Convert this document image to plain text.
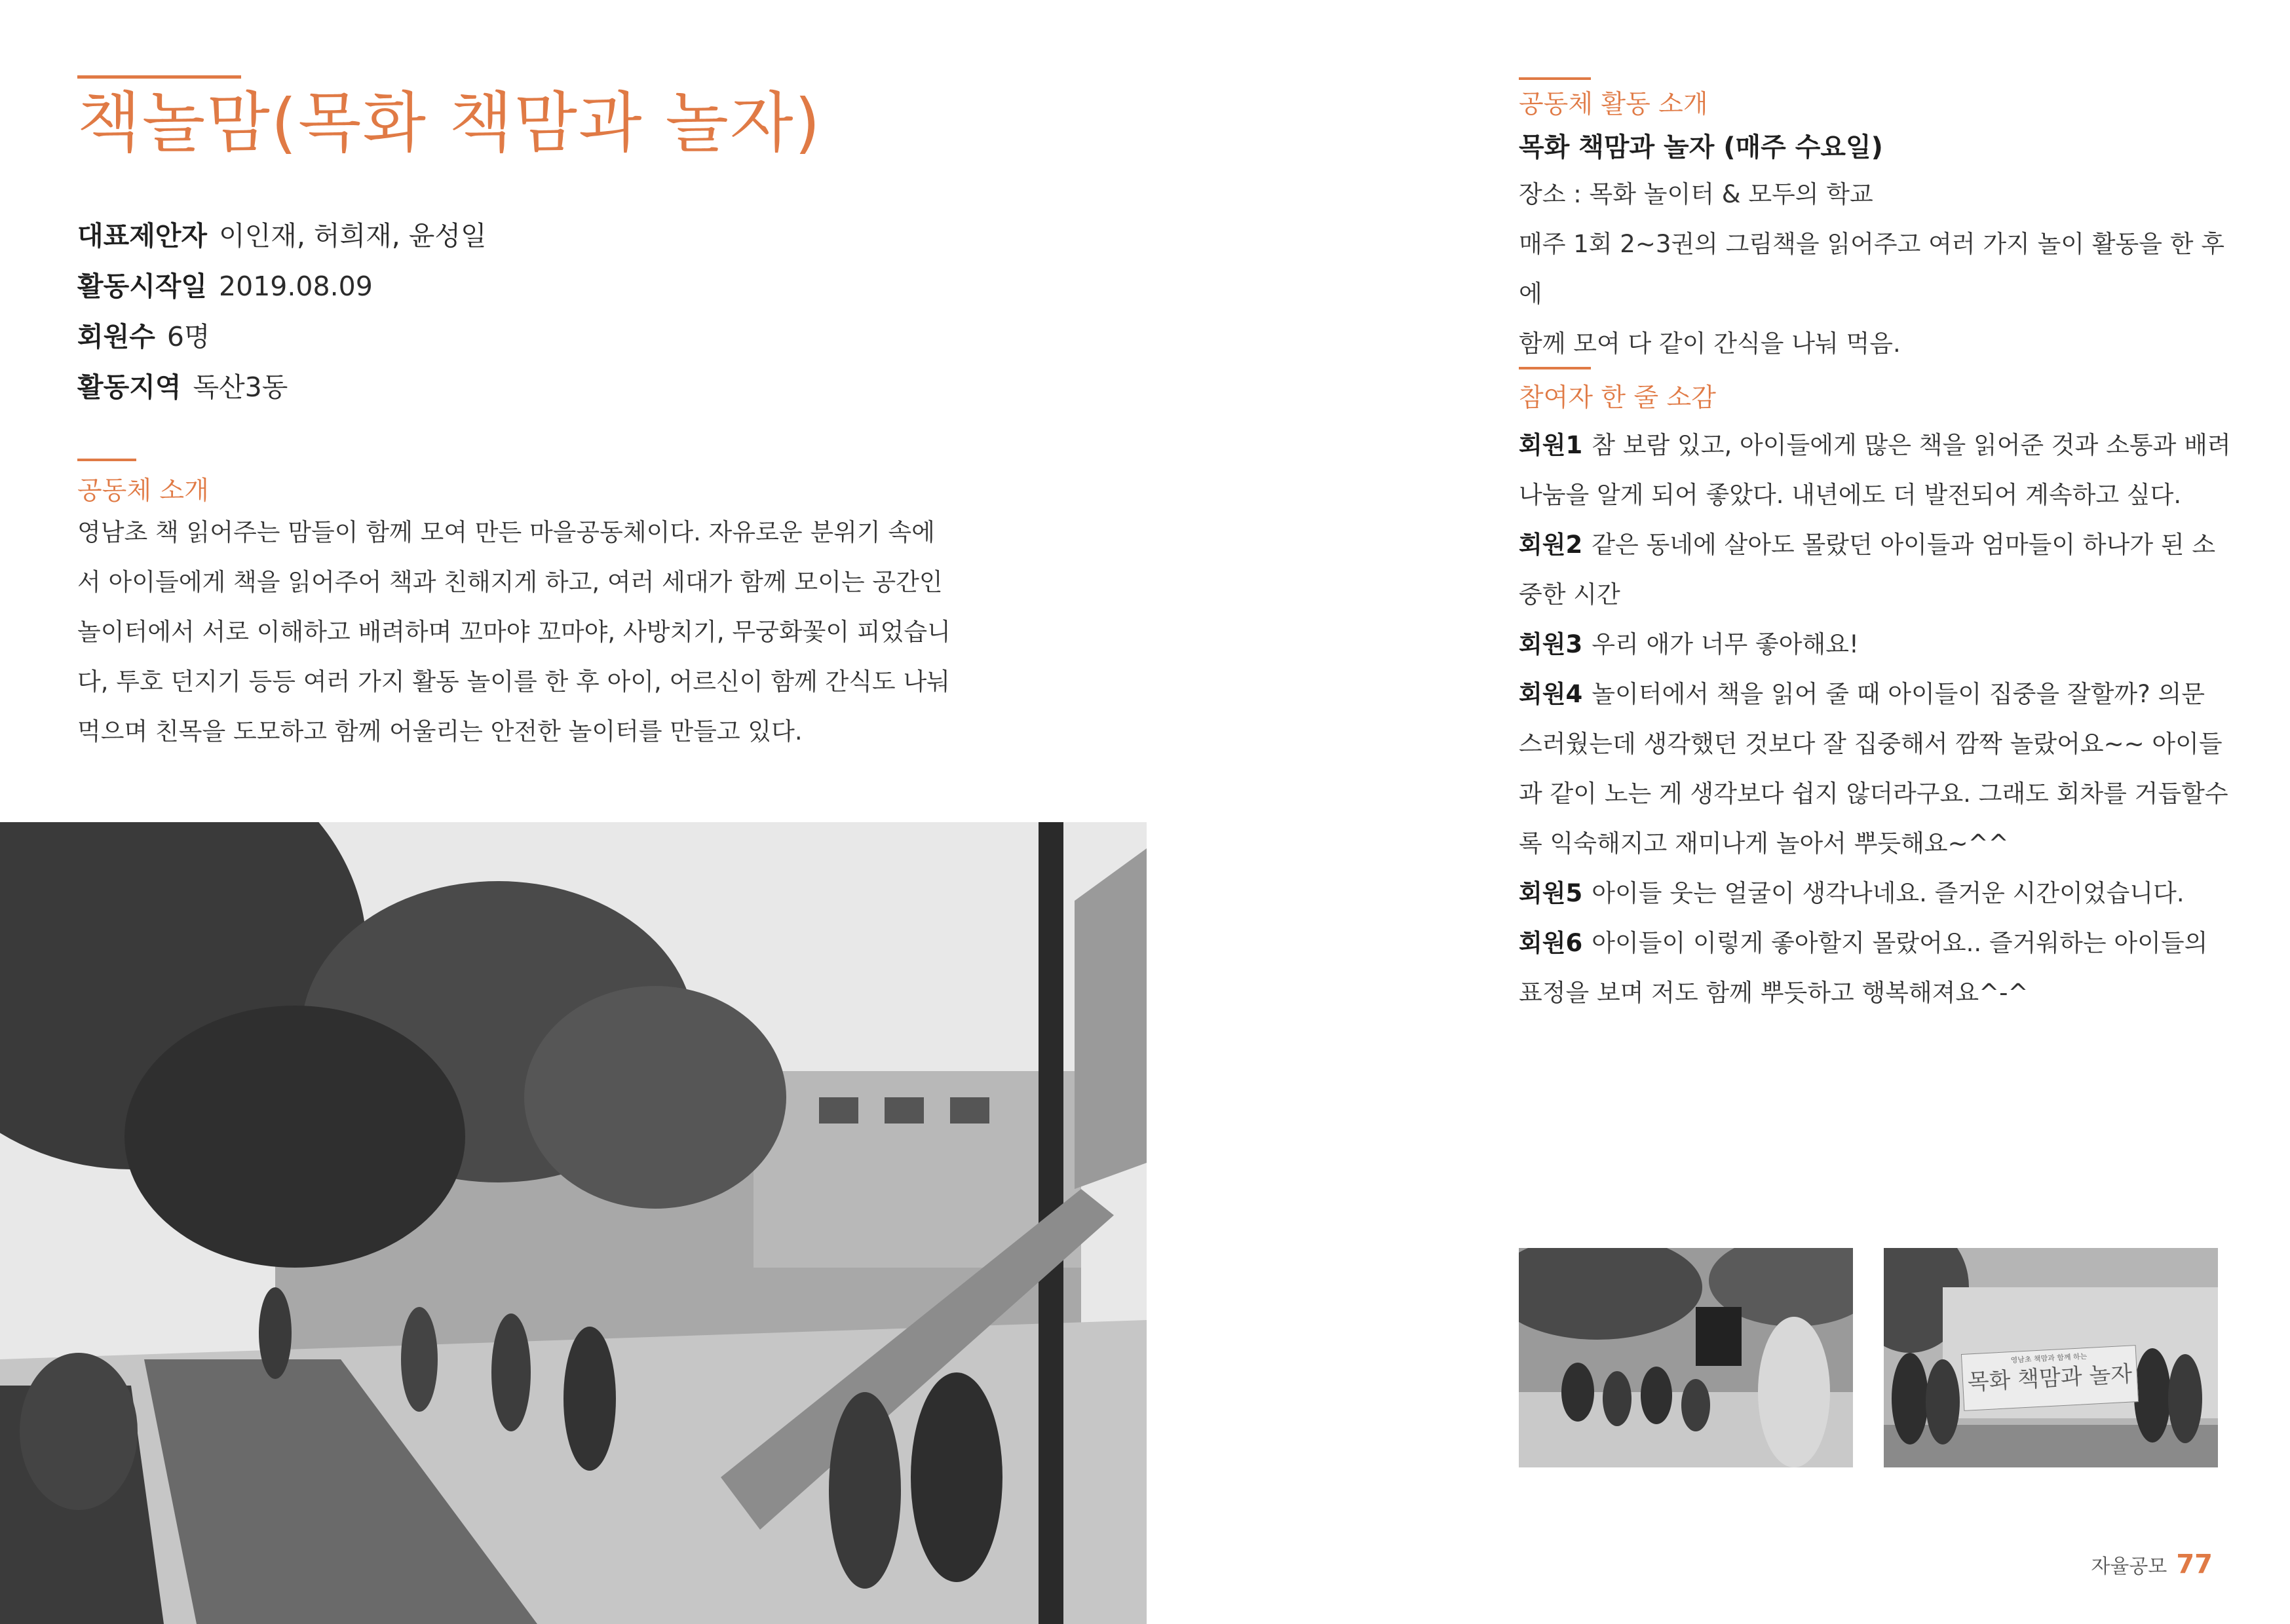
책놀맘(목화 책맘과 놀자)
대표제안자 이인재, 허희재, 윤성일
활동시작일 2019.08.09
회원수 6명
활동지역 독산3동
공동체 소개

영남초 책 읽어주는 맘들이 함께 모여 만든 마을공동체이다. 자유로운 분위기 속에

서 아이들에게 책을 읽어주어 책과 친해지게 하고, 여러 세대가 함께 모이는 공간인

놀이터에서 서로 이해하고 배려하며 꼬마야 꼬마야, 사방치기, 무궁화꽃이 피었습니

다, 투호 던지기 등등 여러 가지 활동 놀이를 한 후 아이, 어르신이 함께 간식도 나눠

먹으며 친목을 도모하고 함께 어울리는 안전한 놀이터를 만들고 있다.

공동체 활동 소개
목화 책맘과 놀자 (매주 수요일)

장소 : 목화 놀이터 & 모두의 학교

매주 1회 2~3권의 그림책을 읽어주고 여러 가지 놀이 활동을 한 후에

함께 모여 다 같이 간식을 나눠 먹음.

참여자 한 줄 소감

회원1 참 보람 있고, 아이들에게 많은 책을 읽어준 것과 소통과 배려

나눔을 알게 되어 좋았다. 내년에도 더 발전되어 계속하고 싶다.

회원2 같은 동네에 살아도 몰랐던 아이들과 엄마들이 하나가 된 소

중한 시간

회원3 우리 애가 너무 좋아해요!

회원4 놀이터에서 책을 읽어 줄 때 아이들이 집중을 잘할까? 의문

스러웠는데 생각했던 것보다 잘 집중해서 깜짝 놀랐어요~~ 아이들

과 같이 노는 게 생각보다 쉽지 않더라구요. 그래도 회차를 거듭할수

록 익숙해지고 재미나게 놀아서 뿌듯해요~^^

회원5 아이들 웃는 얼굴이 생각나네요. 즐거운 시간이었습니다.

회원6 아이들이 이렇게 좋아할지 몰랐어요.. 즐거워하는 아이들의

표정을 보며 저도 함께 뿌듯하고 행복해져요^-^

영남초 책맘과 함께 하는
목화 책맘과 놀자
자율공모 77
